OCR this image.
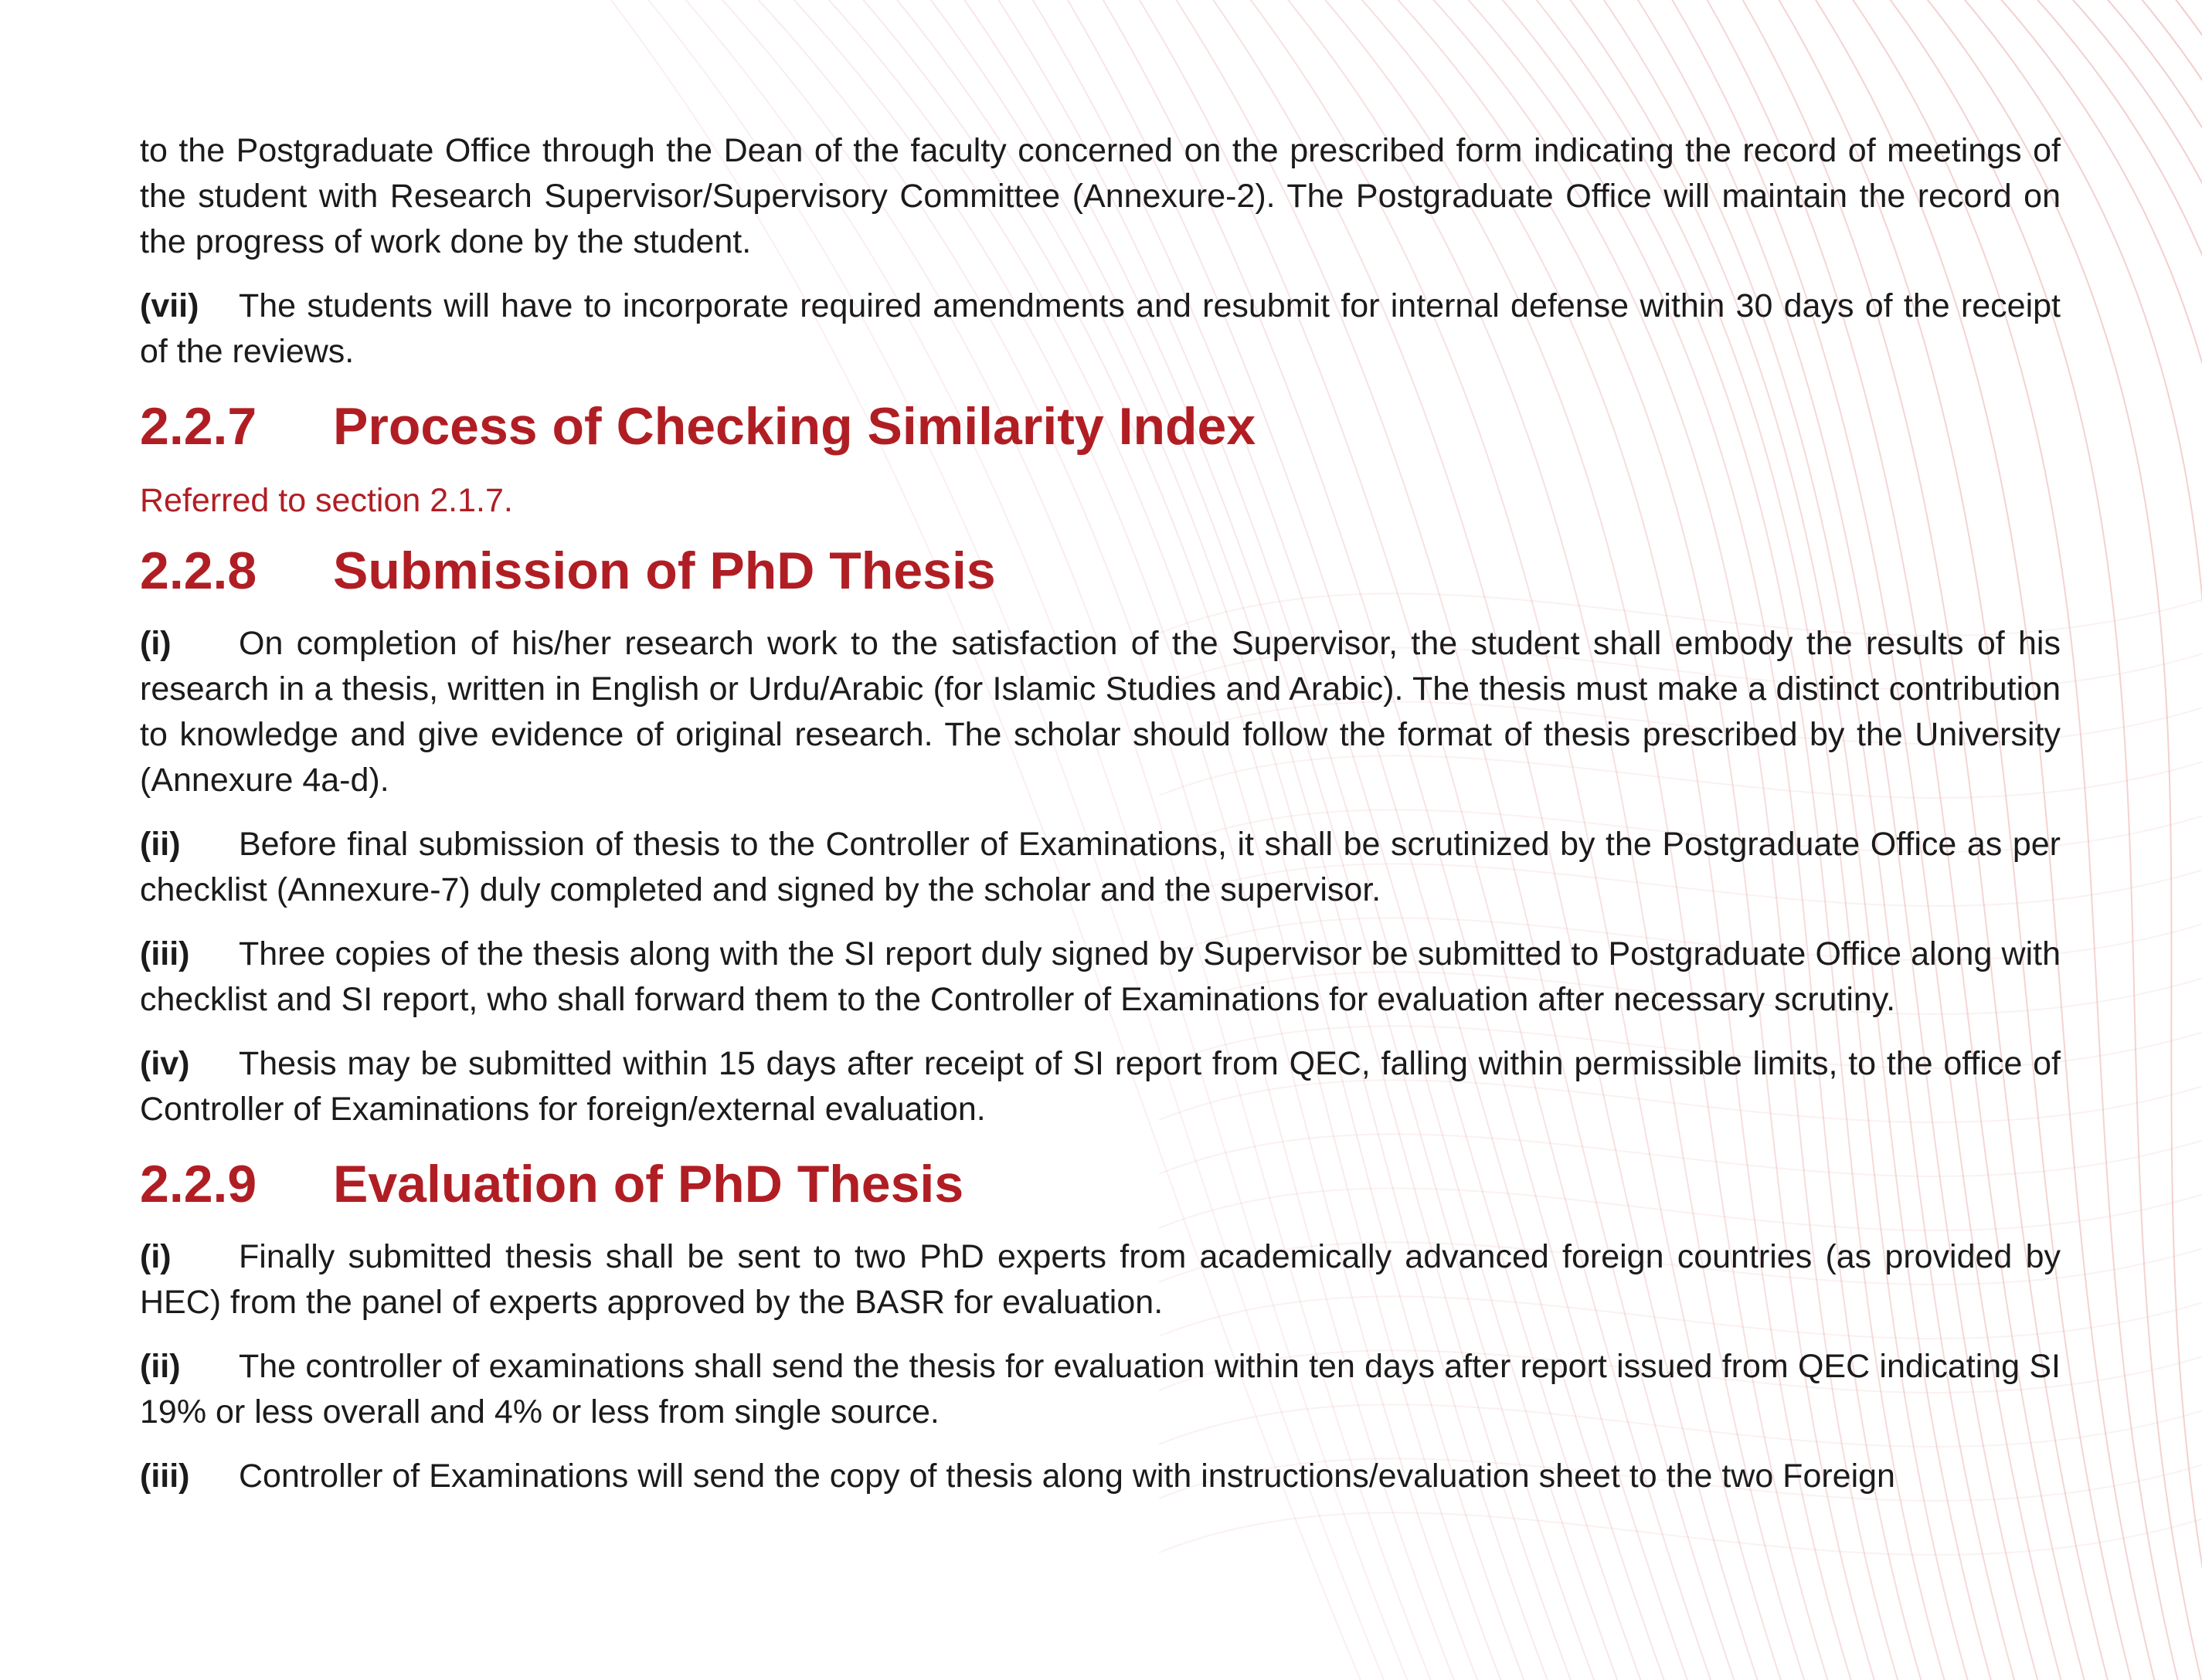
to the Postgraduate Office through the Dean of the faculty concerned on the prescribed form indicating the record of meetings of the student with Research Supervisor/Supervisory Committee (Annexure-2). The Postgraduate Office will maintain the record on the progress of work done by the student.

(vii) The students will have to incorporate required amendments and resubmit for internal defense within 30 days of the receipt of the reviews.

2.2.7 Process of Checking Similarity Index

Referred to section 2.1.7.

2.2.8 Submission of PhD Thesis

(i) On completion of his/her research work to the satisfaction of the Supervisor, the student shall embody the results of his research in a thesis, written in English or Urdu/Arabic (for Islamic Studies and Arabic). The thesis must make a distinct contribution to knowledge and give evidence of original research. The scholar should follow the format of thesis prescribed by the University (Annexure 4a-d).

(ii) Before final submission of thesis to the Controller of Examinations, it shall be scrutinized by the Postgraduate Office as per checklist (Annexure-7) duly completed and signed by the scholar and the supervisor.

(iii) Three copies of the thesis along with the SI report duly signed by Supervisor be submitted to Postgraduate Office along with checklist and SI report, who shall forward them to the Controller of Examinations for evaluation after necessary scrutiny.

(iv) Thesis may be submitted within 15 days after receipt of SI report from QEC, falling within permissible limits, to the office of Controller of Examinations for foreign/external evaluation.

2.2.9 Evaluation of PhD Thesis

(i) Finally submitted thesis shall be sent to two PhD experts from academically advanced foreign countries (as provided by HEC) from the panel of experts approved by the BASR for evaluation.

(ii) The controller of examinations shall send the thesis for evaluation within ten days after report issued from QEC indicating SI 19% or less overall and 4% or less from single source.

(iii) Controller of Examinations will send the copy of thesis along with instructions/evaluation sheet to the two Foreign
